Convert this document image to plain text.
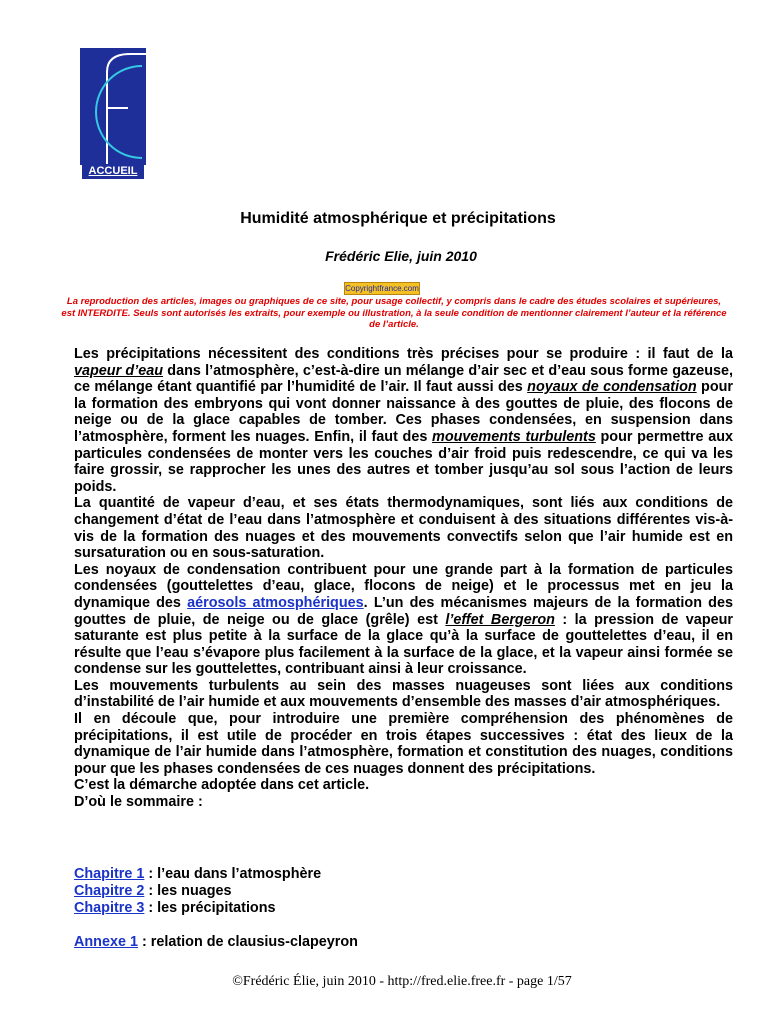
ACCUEIL
Humidité atmosphérique et précipitations
Frédéric Elie, juin 2010
Copyrightfrance.com
La reproduction des articles, images ou graphiques de ce site, pour usage collectif, y compris dans le cadre des études scolaires et supérieures, est INTERDITE. Seuls sont autorisés les extraits, pour exemple ou illustration, à la seule condition de mentionner clairement l’auteur et la référence de l’article.

Les précipitations nécessitent des conditions très précises pour se produire : il faut de la vapeur d’eau dans l’atmosphère, c’est-à-dire un mélange d’air sec et d’eau sous forme gazeuse, ce mélange étant quantifié par l’humidité de l’air. Il faut aussi des noyaux de condensation pour la formation des embryons qui vont donner naissance à des gouttes de pluie, des flocons de neige ou de la glace capables de tomber. Ces phases condensées, en suspension dans l’atmosphère, forment les nuages. Enfin, il faut des mouvements turbulents pour permettre aux particules condensées de monter vers les couches d’air froid puis redescendre, ce qui va les faire grossir, se rapprocher les unes des autres et tomber jusqu’au sol sous l’action de leurs poids.

La quantité de vapeur d’eau, et ses états thermodynamiques, sont liés aux conditions de changement d’état de l’eau dans l’atmosphère et conduisent à des situations différentes vis-à-vis de la formation des nuages et des mouvements convectifs selon que l’air humide est en sursaturation ou en sous-saturation.

Les noyaux de condensation contribuent pour une grande part à la formation de particules condensées (gouttelettes d’eau, glace, flocons de neige) et le processus met en jeu la dynamique des aérosols atmosphériques. L’un des mécanismes majeurs de la formation des gouttes de pluie, de neige ou de glace (grêle) est l’effet Bergeron : la pression de vapeur saturante est plus petite à la surface de la glace qu’à la surface de gouttelettes d’eau, il en résulte que l’eau s’évapore plus facilement à la surface de la glace, et la vapeur ainsi formée se condense sur les gouttelettes, contribuant ainsi à leur croissance.

Les mouvements turbulents au sein des masses nuageuses sont liées aux conditions d’instabilité de l’air humide et aux mouvements d’ensemble des masses d’air atmosphériques.

Il en découle que, pour introduire une première compréhension des phénomènes de précipitations, il est utile de procéder en trois étapes successives : état des lieux de la dynamique de l’air humide dans l’atmosphère, formation et constitution des nuages, conditions pour que les phases condensées de ces nuages donnent des précipitations.

C’est la démarche adoptée dans cet article.

D’où le sommaire :

Chapitre 1 : l’eau dans l’atmosphère
Chapitre 2 : les nuages
Chapitre 3 : les précipitations
Annexe 1 : relation de clausius-clapeyron
©Frédéric Élie, juin 2010 - http://fred.elie.free.fr - page 1/57
